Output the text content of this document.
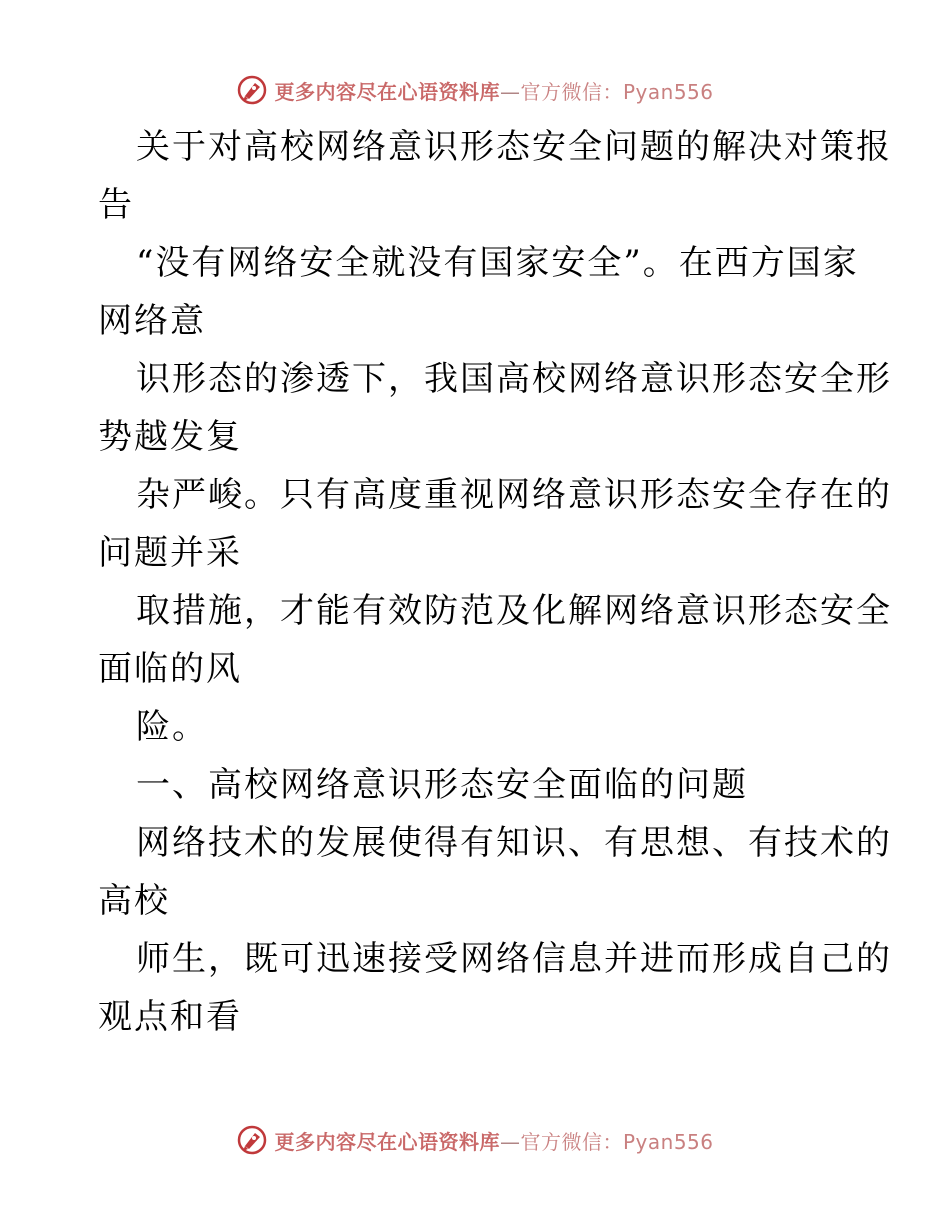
更多内容尽在心语资料库—官方微信：Pyan556
关于对高校网络意识形态安全问题的解决对策报
告
“没有网络安全就没有国家安全”。在西方国家
网络意
识形态的渗透下，我国高校网络意识形态安全形
势越发复
杂严峻。只有高度重视网络意识形态安全存在的
问题并采
取措施，才能有效防范及化解网络意识形态安全
面临的风
险。
一、高校网络意识形态安全面临的问题
网络技术的发展使得有知识、有思想、有技术的
高校
师生，既可迅速接受网络信息并进而形成自己的
观点和看
更多内容尽在心语资料库—官方微信：Pyan556
